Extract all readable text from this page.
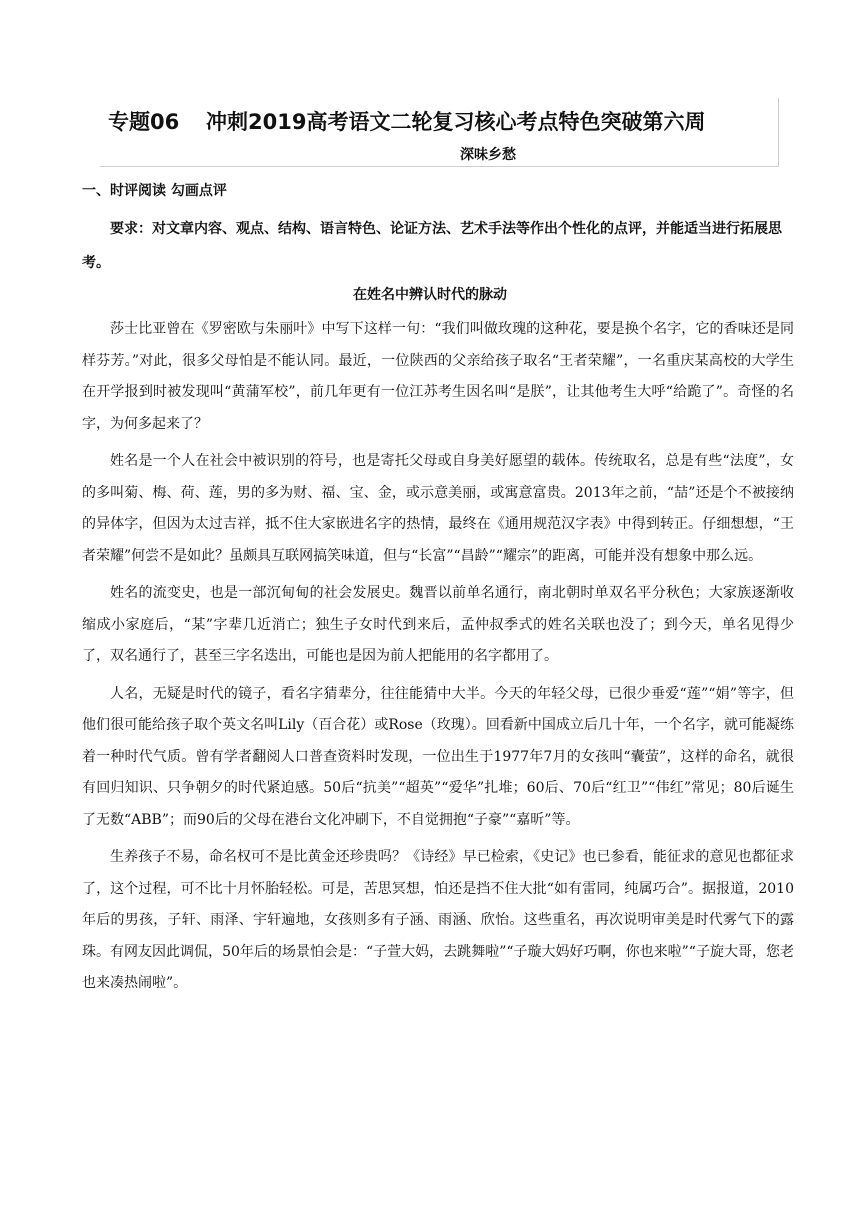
专题06 冲刺2019高考语文二轮复习核心考点特色突破第六周
深味乡愁
一、时评阅读 勾画点评
要求：对文章内容、观点、结构、语言特色、论证方法、艺术手法等作出个性化的点评，并能适当进行拓展思考。
在姓名中辨认时代的脉动

莎士比亚曾在《罗密欧与朱丽叶》中写下这样一句：“我们叫做玫瑰的这种花，要是换个名字，它的香味还是同样芬芳。”对此，很多父母怕是不能认同。最近，一位陕西的父亲给孩子取名“王者荣耀”，一名重庆某高校的大学生在开学报到时被发现叫“黄蒲军校”，前几年更有一位江苏考生因名叫“是朕”，让其他考生大呼“给跪了”。奇怪的名字，为何多起来了？

姓名是一个人在社会中被识别的符号，也是寄托父母或自身美好愿望的载体。传统取名，总是有些“法度”，女的多叫菊、梅、荷、莲，男的多为财、福、宝、金，或示意美丽，或寓意富贵。2013年之前，“喆”还是个不被接纳的异体字，但因为太过吉祥，抵不住大家嵌进名字的热情，最终在《通用规范汉字表》中得到转正。仔细想想，“王者荣耀”何尝不是如此？虽颇具互联网搞笑味道，但与“长富”“昌龄”“耀宗”的距离，可能并没有想象中那么远。

姓名的流变史，也是一部沉甸甸的社会发展史。魏晋以前单名通行，南北朝时单双名平分秋色；大家族逐渐收缩成小家庭后，“某”字辈几近消亡；独生子女时代到来后，孟仲叔季式的姓名关联也没了；到今天，单名见得少了，双名通行了，甚至三字名迭出，可能也是因为前人把能用的名字都用了。

人名，无疑是时代的镜子，看名字猜辈分，往往能猜中大半。今天的年轻父母，已很少垂爱“莲”“娟”等字，但他们很可能给孩子取个英文名叫Lily（百合花）或Rose（玫瑰）。回看新中国成立后几十年，一个名字，就可能凝练着一种时代气质。曾有学者翻阅人口普查资料时发现，一位出生于1977年7月的女孩叫“囊萤”，这样的命名，就很有回归知识、只争朝夕的时代紧迫感。50后“抗美”“超英”“爱华”扎堆；60后、70后“红卫”“伟红”常见；80后诞生了无数“ABB”；而90后的父母在港台文化冲刷下，不自觉拥抱“子豪”“嘉昕”等。

生养孩子不易，命名权可不是比黄金还珍贵吗？《诗经》早已检索，《史记》也已参看，能征求的意见也都征求了，这个过程，可不比十月怀胎轻松。可是，苦思冥想，怕还是挡不住大批“如有雷同，纯属巧合”。据报道，2010年后的男孩，子轩、雨泽、宇轩遍地，女孩则多有子涵、雨涵、欣怡。这些重名，再次说明审美是时代雾气下的露珠。有网友因此调侃，50年后的场景怕会是：“子萱大妈，去跳舞啦”“子璇大妈好巧啊，你也来啦”“子旋大哥，您老也来凑热闹啦”。
